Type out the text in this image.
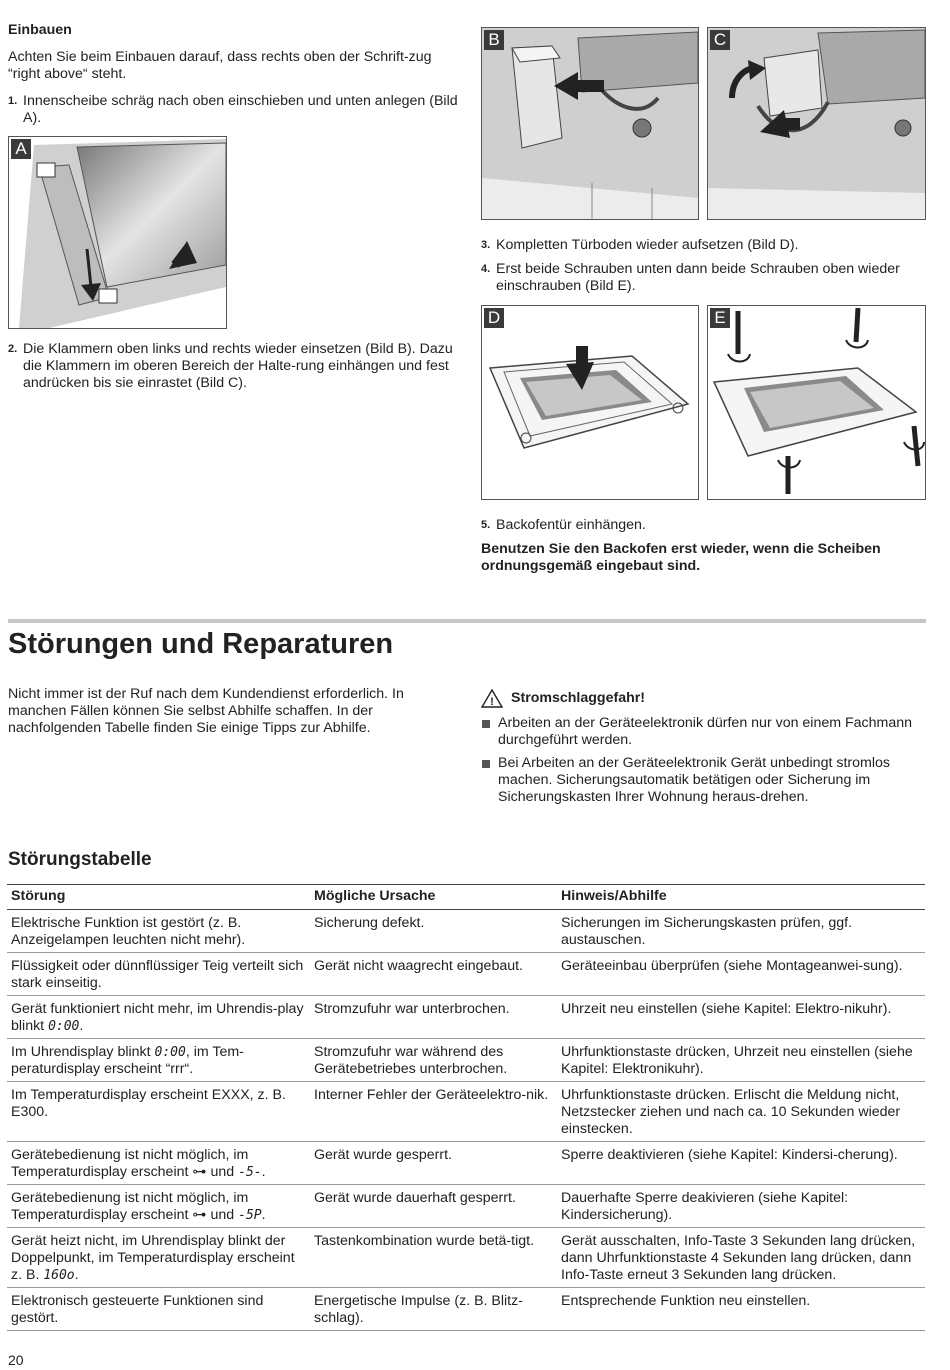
Einbauen

Achten Sie beim Einbauen darauf, dass rechts oben der Schrift-zug “right above“ steht.

1. Innenscheibe schräg nach oben einschieben und unten anlegen (Bild A).
A
2. Die Klammern oben links und rechts wieder einsetzen (Bild B). Dazu die Klammern im oberen Bereich der Halte-rung einhängen und fest andrücken bis sie einrastet (Bild C).
B	C
3. Kompletten Türboden wieder aufsetzen (Bild D).
4. Erst beide Schrauben unten dann beide Schrauben oben wieder einschrauben (Bild E).
D	E
5. Backofentür einhängen.

Benutzen Sie den Backofen erst wieder, wenn die Scheiben ordnungsgemäß eingebaut sind.

Störungen und Reparaturen

Nicht immer ist der Ruf nach dem Kundendienst erforderlich. In manchen Fällen können Sie selbst Abhilfe schaffen. In der nachfolgenden Tabelle finden Sie einige Tipps zur Abhilfe.

! Stromschlaggefahr!
Arbeiten an der Geräteelektronik dürfen nur von einem Fachmann durchgeführt werden.
Bei Arbeiten an der Geräteelektronik Gerät unbedingt stromlos machen. Sicherungsautomatik betätigen oder Sicherung im Sicherungskasten Ihrer Wohnung heraus-drehen.
Störungstabelle
Störung	Mögliche Ursache	Hinweis/Abhilfe
Elektrische Funktion ist gestört (z. B. Anzeigelampen leuchten nicht mehr).	Sicherung defekt.	Sicherungen im Sicherungskasten prüfen, ggf. austauschen.
Flüssigkeit oder dünnflüssiger Teig verteilt sich stark einseitig.	Gerät nicht waagrecht eingebaut.	Geräteeinbau überprüfen (siehe Montageanwei-sung).
Gerät funktioniert nicht mehr, im Uhrendis-play blinkt 0:00.	Stromzufuhr war unterbrochen.	Uhrzeit neu einstellen (siehe Kapitel: Elektro-nikuhr).
Im Uhrendisplay blinkt 0:00, im Tem-peraturdisplay erscheint “rrr“.	Stromzufuhr war während des Gerätebetriebes unterbrochen.	Uhrfunktionstaste drücken, Uhrzeit neu einstellen (siehe Kapitel: Elektronikuhr).
Im Temperaturdisplay erscheint EXXX, z. B. E300.	Interner Fehler der Geräteelektro-nik.	Uhrfunktionstaste drücken. Erlischt die Meldung nicht, Netzstecker ziehen und nach ca. 10 Sekunden wieder einstecken.
Gerätebedienung ist nicht möglich, im Temperaturdisplay erscheint ⊶ und -5-.	Gerät wurde gesperrt.	Sperre deaktivieren (siehe Kapitel: Kindersi-cherung).
Gerätebedienung ist nicht möglich, im Temperaturdisplay erscheint ⊶ und -5P.	Gerät wurde dauerhaft gesperrt.	Dauerhafte Sperre deakivieren (siehe Kapitel: Kindersicherung).
Gerät heizt nicht, im Uhrendisplay blinkt der Doppelpunkt, im Temperaturdisplay erscheint z. B. 160o.	Tastenkombination wurde betä-tigt.	Gerät ausschalten, Info-Taste 3 Sekunden lang drücken, dann Uhrfunktionstaste 4 Sekunden lang drücken, dann Info-Taste erneut 3 Sekunden lang drücken.
Elektronisch gesteuerte Funktionen sind gestört.	Energetische Impulse (z. B. Blitz-schlag).	Entsprechende Funktion neu einstellen.
20
